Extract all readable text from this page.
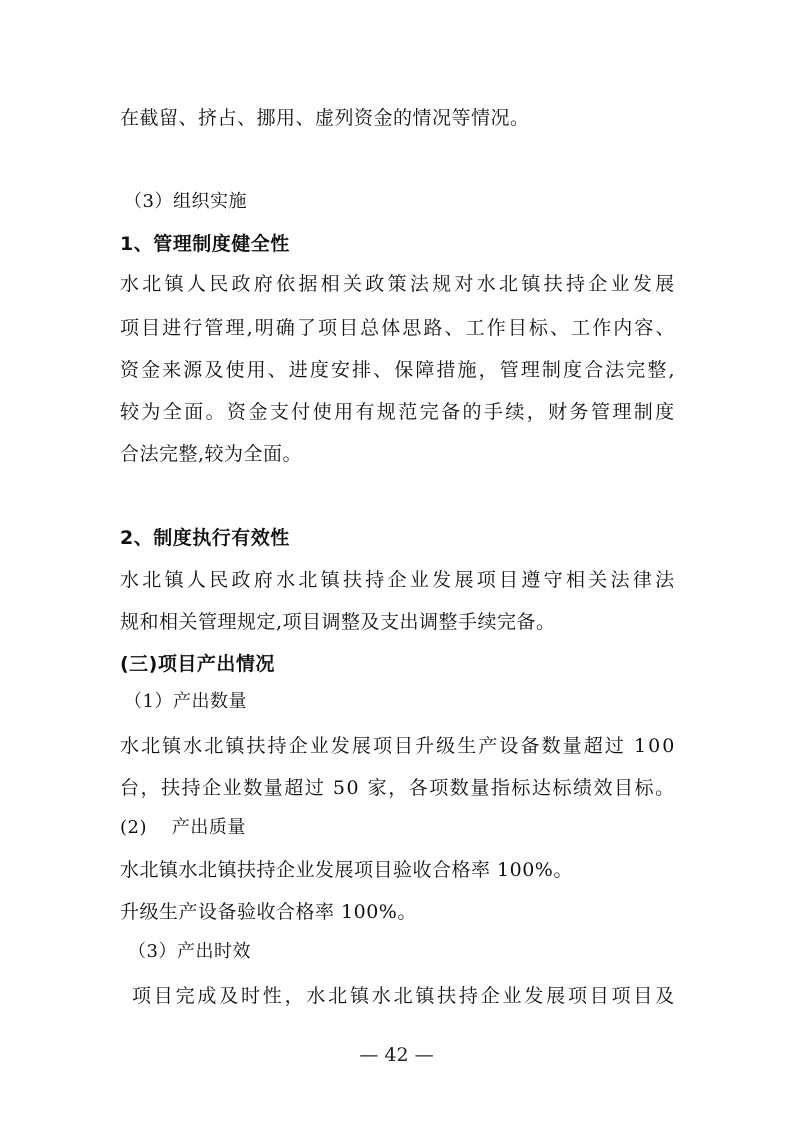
在截留、挤占、挪用、虚列资金的情况等情况。
（3）组织实施
1、管理制度健全性
水 北 镇 人 民 政 府 依 据 相 关 政 策 法 规 对 水 北 镇 扶 持 企 业 发 展
项 目 进 行 管 理 , 明 确 了 项 目 总 体 思 路 、 工 作 目 标 、 工 作 内 容 、
资 金 来 源 及 使 用 、 进 度 安 排 、 保 障 措 施 ， 管 理 制 度 合 法 完 整 ,
较 为 全 面 。 资 金 支 付 使 用 有 规 范 完 备 的 手 续 ， 财 务 管 理 制 度
合法完整,较为全面。
2、制度执行有效性
水 北 镇 人 民 政 府 水 北 镇 扶 持 企 业 发 展 项 目 遵 守 相 关 法 律 法
规和相关管理规定,项目调整及支出调整手续完备。
(三)项目产出情况
（1）产出数量
水 北 镇 水 北 镇 扶 持 企 业 发 展 项 目 升 级 生 产 设 备 数 量 超 过
1 0 0
台 ， 扶 持 企 业 数 量 超 过
5 0
家 ， 各 项 数 量 指 标 达 标 绩 效 目 标 。
(2)    产出质量
水北镇水北镇扶持企业发展项目验收合格率 100%。
升级生产设备验收合格率 100%。
（3）产出时效
项 目 完 成 及 时 性 ， 水 北 镇 水 北 镇 扶 持 企 业 发 展 项 目 项 目 及
— 42 —
